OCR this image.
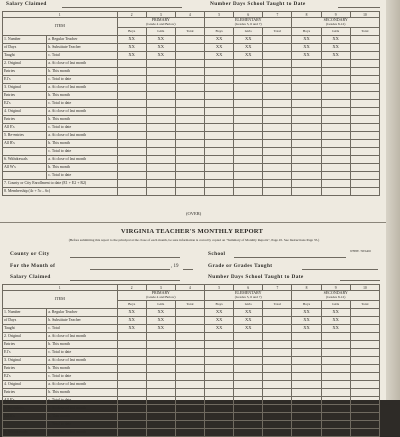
Salary Claimed	Number Days School Taught to Date
1		2	3	4	5	6	7	8	9	10
ITEM		PRIMARY
(Grade 4 and Below)			ELEMENTARY
(Grades 5, 6 and 7)			SECONDARY
(Grades 8-12)		
		Boys	Girls	Total	Boys	Girls	Total	Boys	Girls	Total
1. Number	a. Regular Teacher	XX	XX		XX	XX		XX	XX	
of Days	b. Substitute Teacher	XX	XX		XX	XX		XX	XX	
Taught	c. Total	XX	XX		XX	XX		XX	XX	
2. Original	a. At close of last month									
Entries	b. This month									
E1's	c. Total to date									
3. Original	a. At close of last month									
Entries	b. This month									
E2's	c. Total to date									
4. Original	a. At close of last month									
Entries	b. This month									
All E's	c. Total to date									
5. Re-entries	a. At close of last month									
All R's	b. This month									
	c. Total to date									
6. Withdrawals	a. At close of last month									
All W's	b. This month									
	c. Total to date									
7. County or City Enrollment to date (E1 + E2 + R2)										
8. Membership (4c + 5c – 6c)										
(OVER)
VIRGINIA TEACHER'S MONTHLY REPORT
(Before submitting this report to the principal at the close of each month, be sure information is correctly copied on "Summary of Monthly Reports", Page 45. See Instructions Page 35.)
County or City	School	WHITE / NEGRO
For the Month of	, 19	Grade or Grades Taught
Salary Claimed	Number Days School Taught to Date
1		2	3	4	5	6	7	8	9	10
ITEM		PRIMARY
(Grade 4 and Below)			ELEMENTARY
(Grades 5, 6 and 7)			SECONDARY
(Grades 8-12)		
		Boys	Girls	Total	Boys	Girls	Total	Boys	Girls	Total
1. Number	a. Regular Teacher	XX	XX		XX	XX		XX	XX	
of Days	b. Substitute Teacher	XX	XX		XX	XX		XX	XX	
Taught	c. Total	XX	XX		XX	XX		XX	XX	
2. Original	a. At close of last month									
Entries	b. This month									
E1's	c. Total to date									
3. Original	a. At close of last month									
Entries	b. This month									
E2's	c. Total to date									
4. Original	a. At close of last month									
Entries	b. This month									
All E's	c. Total to date									
5. Re-entries	a. At close of last month									
All R's	b. This month									
	c. Total to date									
6. Withdrawals	a. At close of last month									
